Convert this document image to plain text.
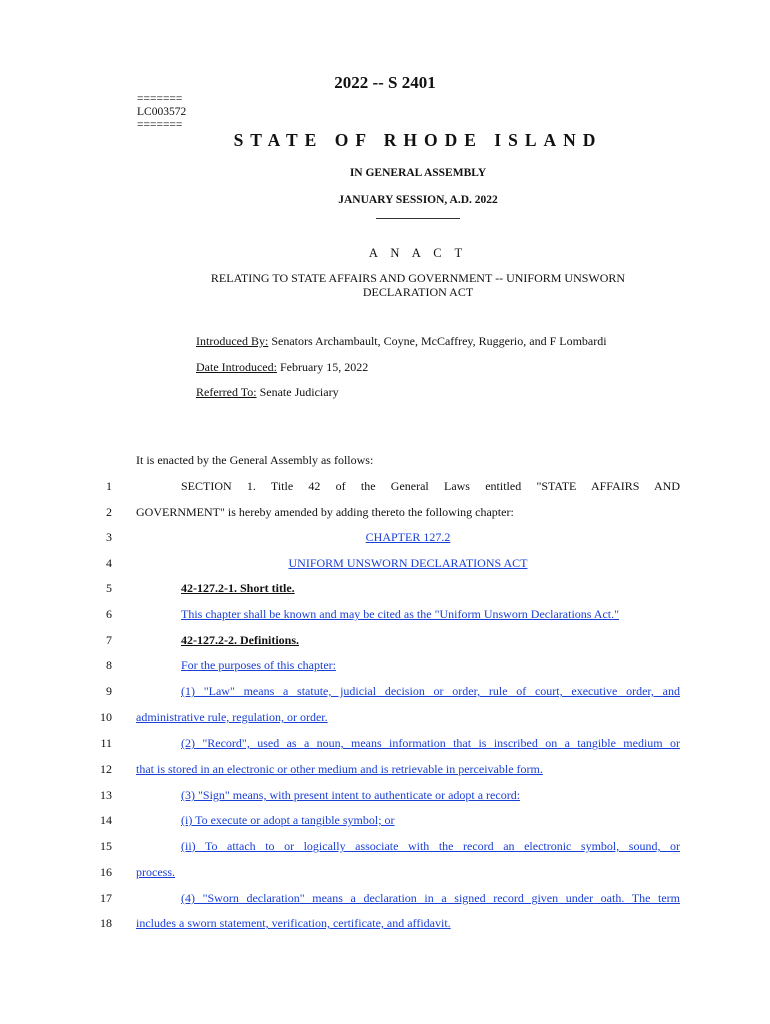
2022 -- S 2401
=======
LC003572
=======
STATE OF RHODE ISLAND
IN GENERAL ASSEMBLY
JANUARY SESSION, A.D. 2022
A N A C T
RELATING TO STATE AFFAIRS AND GOVERNMENT -- UNIFORM UNSWORN
DECLARATION ACT
Introduced By: Senators Archambault, Coyne, McCaffrey, Ruggerio, and F Lombardi
Date Introduced: February 15, 2022
Referred To: Senate Judiciary
It is enacted by the General Assembly as follows:
1
2
3
4
5
6
7
8
9
10
11
12
13
14
15
16
17
18
SECTION 1. Title 42 of the General Laws entitled "STATE AFFAIRS AND
GOVERNMENT" is hereby amended by adding thereto the following chapter:
CHAPTER 127.2
UNIFORM UNSWORN DECLARATIONS ACT
42-127.2-1. Short title.
This chapter shall be known and may be cited as the "Uniform Unsworn Declarations Act."
42-127.2-2. Definitions.
For the purposes of this chapter:
(1) "Law" means a statute, judicial decision or order, rule of court, executive order, and
administrative rule, regulation, or order.
(2) "Record", used as a noun, means information that is inscribed on a tangible medium or
that is stored in an electronic or other medium and is retrievable in perceivable form.
(3) "Sign" means, with present intent to authenticate or adopt a record:
(i) To execute or adopt a tangible symbol; or
(ii) To attach to or logically associate with the record an electronic symbol, sound, or
process.
(4) "Sworn declaration" means a declaration in a signed record given under oath. The term
includes a sworn statement, verification, certificate, and affidavit.
